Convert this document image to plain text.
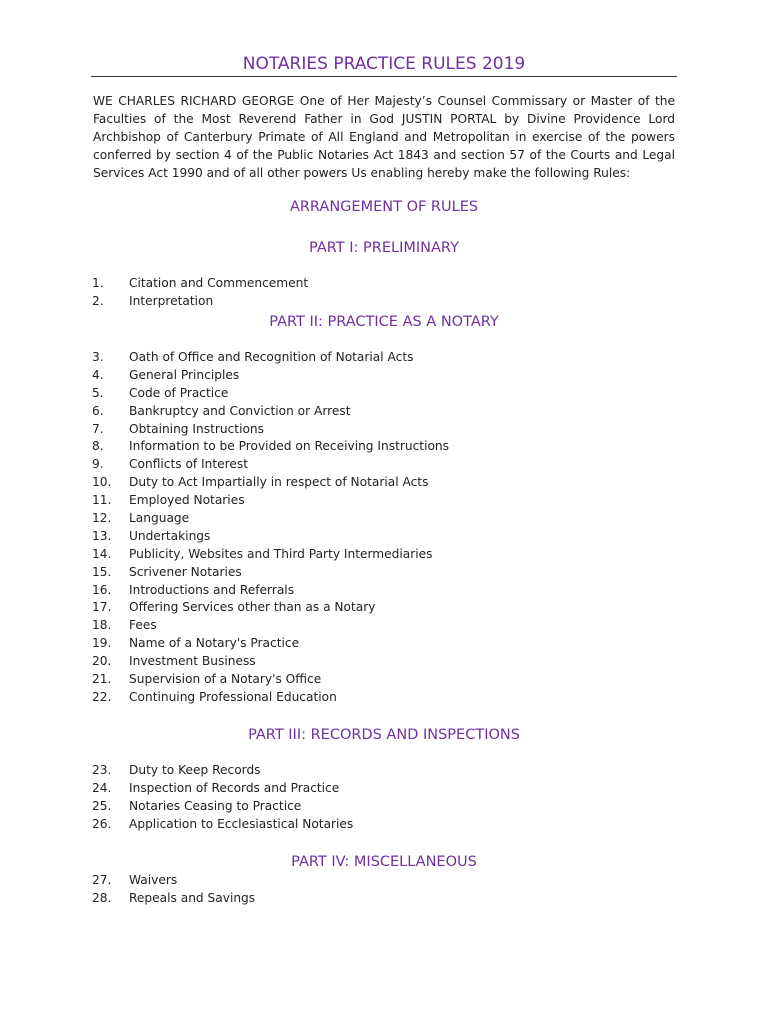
NOTARIES PRACTICE RULES 2019
WE CHARLES RICHARD GEORGE One of Her Majesty’s Counsel Commissary or Master of the Faculties of the Most Reverend Father in God JUSTIN PORTAL by Divine Providence Lord Archbishop of Canterbury Primate of All England and Metropolitan in exercise of the powers conferred by section 4 of the Public Notaries Act 1843 and section 57 of the Courts and Legal Services Act 1990 and of all other powers Us enabling hereby make the following Rules:
ARRANGEMENT OF RULES
PART I: PRELIMINARY
1.	Citation and Commencement
2.	Interpretation
PART II: PRACTICE AS A NOTARY
3.	Oath of Office and Recognition of Notarial Acts
4.	General Principles
5.	Code of Practice
6.	Bankruptcy and Conviction or Arrest
7.	Obtaining Instructions
8.	Information to be Provided on Receiving Instructions
9.	Conflicts of Interest
10.	Duty to Act Impartially in respect of Notarial Acts
11.	Employed Notaries
12.	Language
13.	Undertakings
14.	Publicity, Websites and Third Party Intermediaries
15.	Scrivener Notaries
16.	Introductions and Referrals
17.	Offering Services other than as a Notary
18.	Fees
19.	Name of a Notary's Practice
20.	Investment Business
21.	Supervision of a Notary's Office
22.	Continuing Professional Education
PART III: RECORDS AND INSPECTIONS
23.	Duty to Keep Records
24.	Inspection of Records and Practice
25.	Notaries Ceasing to Practice
26.	Application to Ecclesiastical Notaries
PART IV: MISCELLANEOUS
27.	Waivers
28.	Repeals and Savings
